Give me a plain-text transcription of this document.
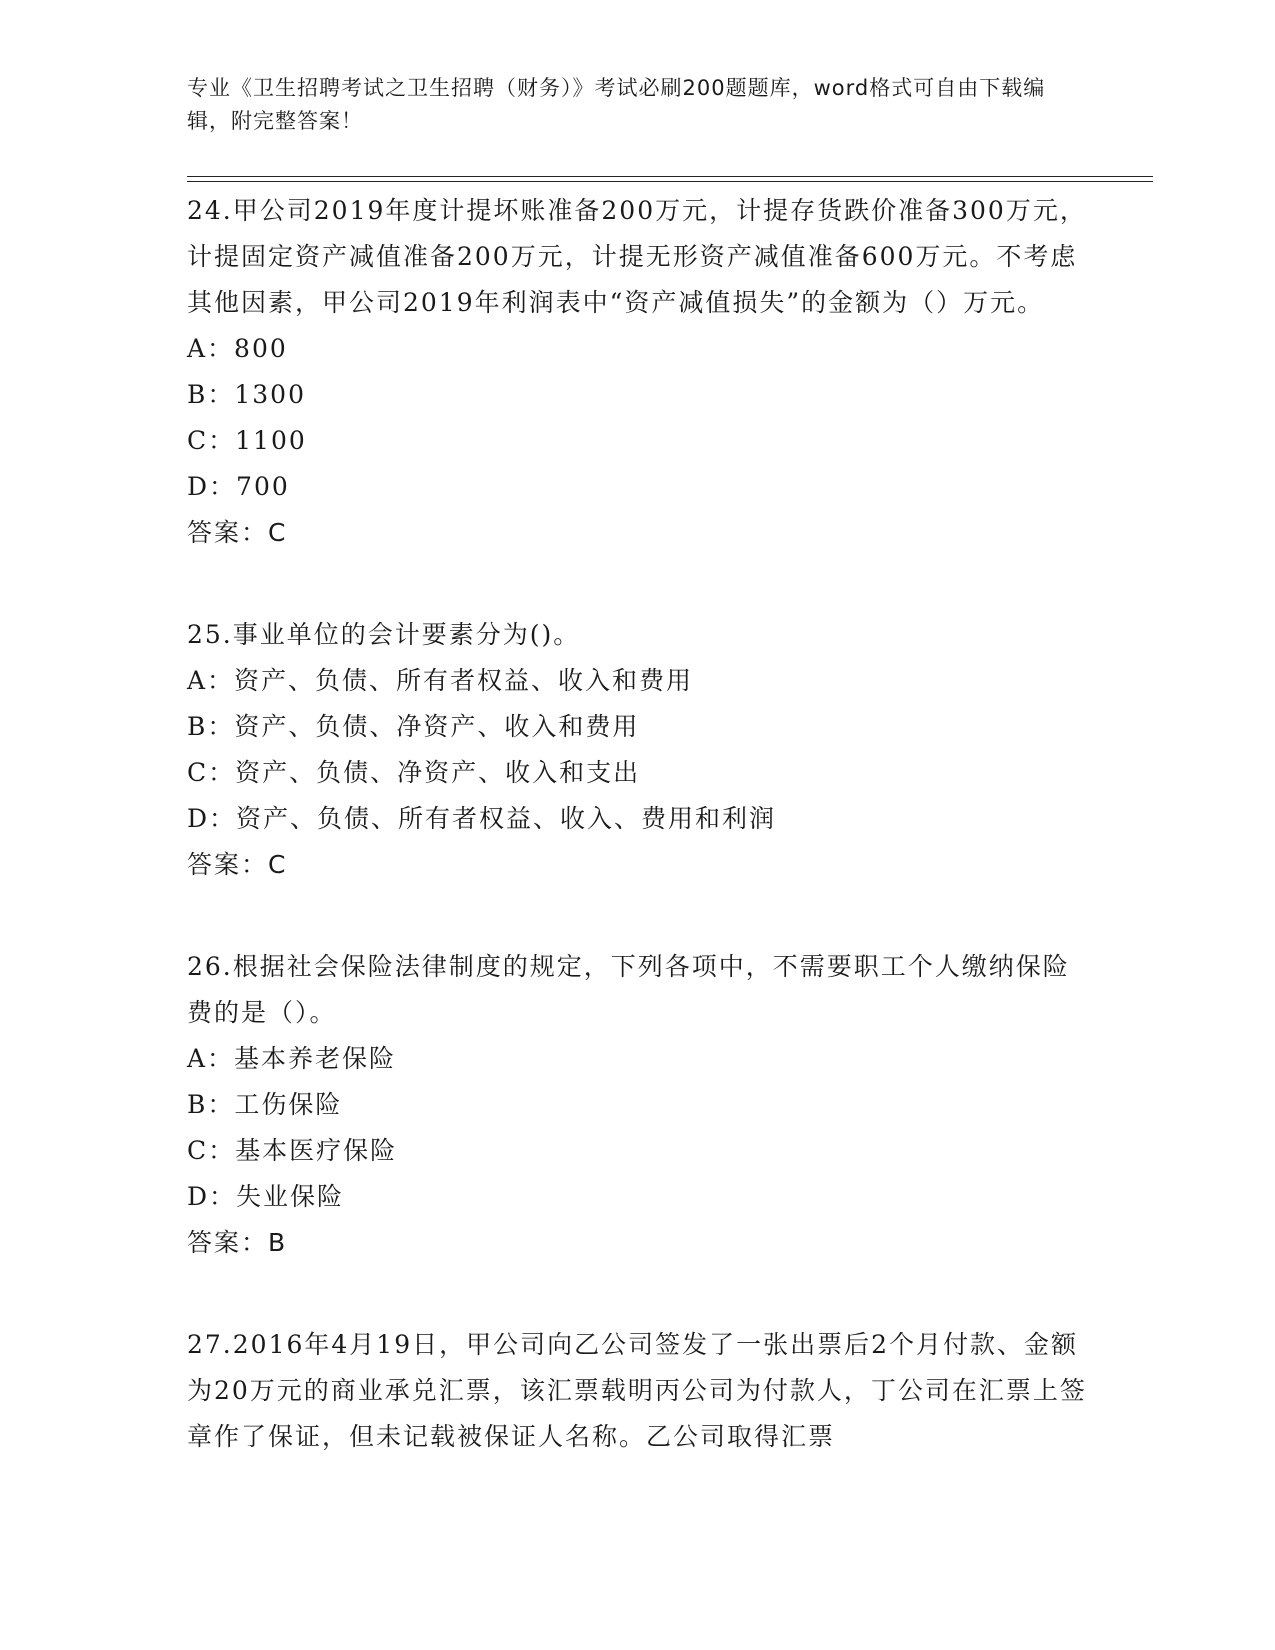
专业《卫生招聘考试之卫生招聘（财务）》考试必刷200题题库，word格式可自由下载编辑，附完整答案！

24.甲公司2019年度计提坏账准备200万元，计提存货跌价准备300万元，计提固定资产减值准备200万元，计提无形资产减值准备600万元。不考虑其他因素，甲公司2019年利润表中“资产减值损失”的金额为（）万元。

A：800

B：1300

C：1100

D：700

答案：C

25.事业单位的会计要素分为()。

A：资产、负债、所有者权益、收入和费用

B：资产、负债、净资产、收入和费用

C：资产、负债、净资产、收入和支出

D：资产、负债、所有者权益、收入、费用和利润

答案：C

26.根据社会保险法律制度的规定，下列各项中，不需要职工个人缴纳保险费的是（）。

A：基本养老保险

B：工伤保险

C：基本医疗保险

D：失业保险

答案：B

27.2016年4月19日，甲公司向乙公司签发了一张出票后2个月付款、金额为20万元的商业承兑汇票，该汇票载明丙公司为付款人，丁公司在汇票上签章作了保证，但未记载被保证人名称。乙公司取得汇票
